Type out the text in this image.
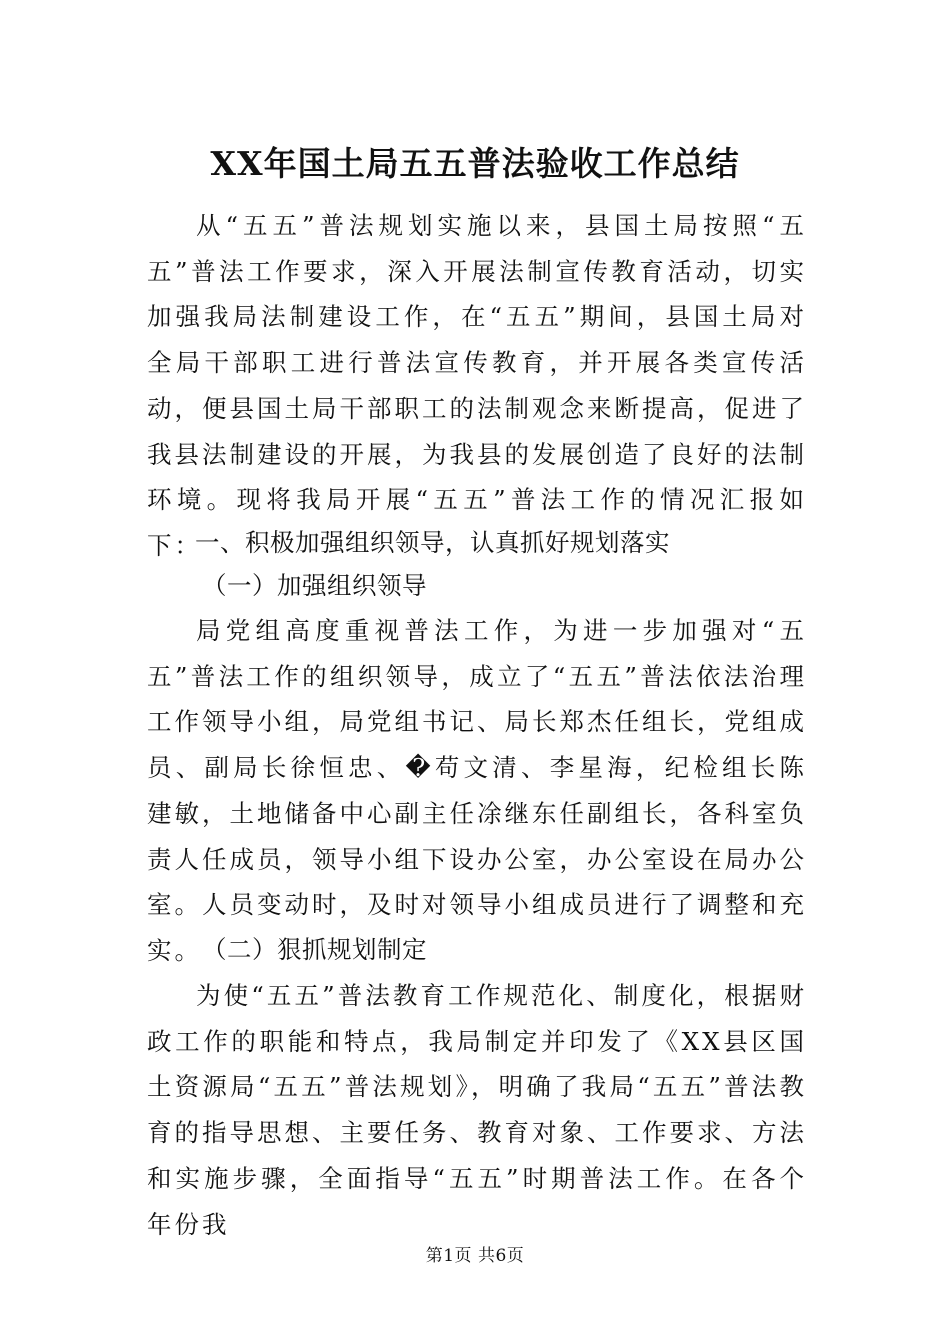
XX年国土局五五普法验收工作总结

从“五五”普法规划实施以来，县国土局按照“五五”普法工作要求，深入开展法制宣传教育活动，切实加强我局法制建设工作，在“五五”期间，县国土局对全局干部职工进行普法宣传教育，并开展各类宣传活动，便县国土局干部职工的法制观念来断提高，促进了我县法制建设的开展，为我县的发展创造了良好的法制环境。现将我局开展“五五”普法工作的情况汇报如下：

一、积极加强组织领导，认真抓好规划落实

（一）加强组织领导

局党组高度重视普法工作，为进一步加强对“五五”普法工作的组织领导，成立了“五五”普法依法治理工作领导小组，局党组书记、局长郑杰任组长，党组成员、副局长徐恒忠、�苟文清、李星海，纪检组长陈建敏，土地储备中心副主任凃继东任副组长，各科室负责人任成员，领导小组下设办公室，办公室设在局办公室。人员变动时，及时对领导小组成员进行了调整和充实。 （二）狠抓规划制定

为使“五五”普法教育工作规范化、制度化，根据财政工作的职能和特点，我局制定并印发了《XX县区国土资源局“五五”普法规划》，明确了我局“五五”普法教育的指导思想、主要任务、教育对象、工作要求、方法和实施步骤，全面指导“五五”时期普法工作。在各个年份我

第1页 共6页
